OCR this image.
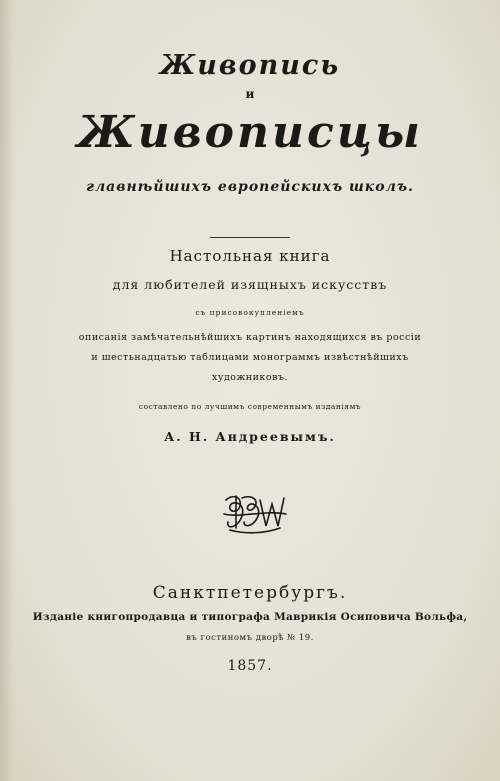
Живопись
и
Живописцы
главнѣйшихъ европейскихъ школъ.
Настольная книга
для любителей изящныхъ искусствъ
съ присовокупленіемъ
описанія замѣчательнѣйшихъ картинъ находящихся въ россіи
и шестьнадцатью таблицами монограммъ извѣстнѣйшихъ
художниковъ.
составлено по лучшимъ современнымъ изданіямъ
А. Н. Андреевымъ.
Санктпетербургъ.
Изданіе книгопродавца и типографа Маврикія Осиповича Вольфа,
въ гостиномъ дворѣ № 19.
1857.
